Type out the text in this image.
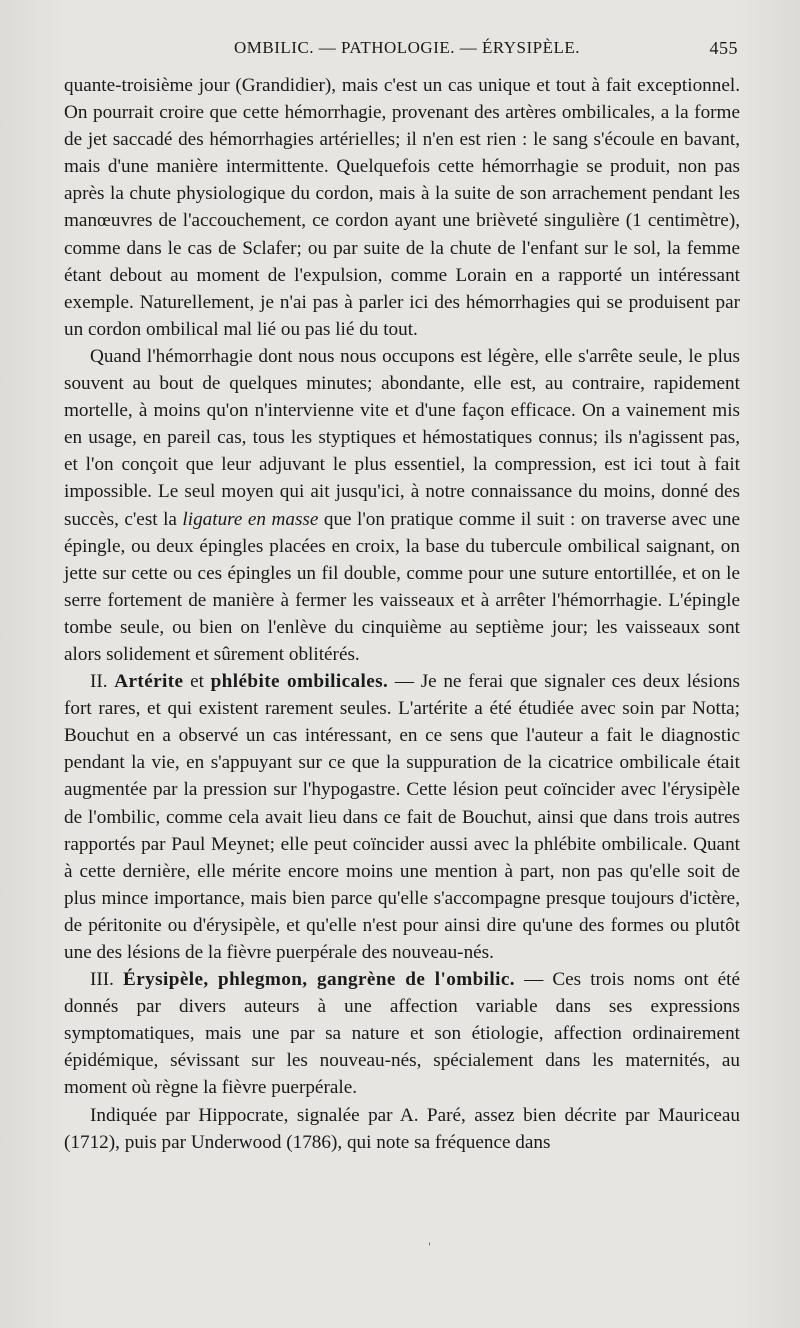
OMBILIC. — PATHOLOGIE. — ÉRYSIPÈLE.	455

quante-troisième jour (Grandidier), mais c'est un cas unique et tout à fait exceptionnel. On pourrait croire que cette hémorrhagie, provenant des artères ombilicales, a la forme de jet saccadé des hémorrhagies artérielles; il n'en est rien : le sang s'écoule en bavant, mais d'une manière intermittente. Quelquefois cette hémorrhagie se produit, non pas après la chute physiologique du cordon, mais à la suite de son arrachement pendant les manœuvres de l'accouchement, ce cordon ayant une brièveté singulière (1 centimètre), comme dans le cas de Sclafer; ou par suite de la chute de l'enfant sur le sol, la femme étant debout au moment de l'expulsion, comme Lorain en a rapporté un intéressant exemple. Naturellement, je n'ai pas à parler ici des hémorrhagies qui se produisent par un cordon ombilical mal lié ou pas lié du tout.

Quand l'hémorrhagie dont nous nous occupons est légère, elle s'arrête seule, le plus souvent au bout de quelques minutes; abondante, elle est, au contraire, rapidement mortelle, à moins qu'on n'intervienne vite et d'une façon efficace. On a vainement mis en usage, en pareil cas, tous les styptiques et hémostatiques connus; ils n'agissent pas, et l'on conçoit que leur adjuvant le plus essentiel, la compression, est ici tout à fait impossible. Le seul moyen qui ait jusqu'ici, à notre connaissance du moins, donné des succès, c'est la ligature en masse que l'on pratique comme il suit : on traverse avec une épingle, ou deux épingles placées en croix, la base du tubercule ombilical saignant, on jette sur cette ou ces épingles un fil double, comme pour une suture entortillée, et on le serre fortement de manière à fermer les vaisseaux et à arrêter l'hémorrhagie. L'épingle tombe seule, ou bien on l'enlève du cinquième au septième jour; les vaisseaux sont alors solidement et sûrement oblitérés.

II. Artérite et phlébite ombilicales. — Je ne ferai que signaler ces deux lésions fort rares, et qui existent rarement seules. L'artérite a été étudiée avec soin par Notta; Bouchut en a observé un cas intéressant, en ce sens que l'auteur a fait le diagnostic pendant la vie, en s'appuyant sur ce que la suppuration de la cicatrice ombilicale était augmentée par la pression sur l'hypogastre. Cette lésion peut coïncider avec l'érysipèle de l'ombilic, comme cela avait lieu dans ce fait de Bouchut, ainsi que dans trois autres rapportés par Paul Meynet; elle peut coïncider aussi avec la phlébite ombilicale. Quant à cette dernière, elle mérite encore moins une mention à part, non pas qu'elle soit de plus mince importance, mais bien parce qu'elle s'accompagne presque toujours d'ictère, de péritonite ou d'érysipèle, et qu'elle n'est pour ainsi dire qu'une des formes ou plutôt une des lésions de la fièvre puerpérale des nouveau-nés.

III. Érysipèle, phlegmon, gangrène de l'ombilic. — Ces trois noms ont été donnés par divers auteurs à une affection variable dans ses expressions symptomatiques, mais une par sa nature et son étiologie, affection ordinairement épidémique, sévissant sur les nouveau-nés, spécialement dans les maternités, au moment où règne la fièvre puerpérale.

Indiquée par Hippocrate, signalée par A. Paré, assez bien décrite par Mauriceau (1712), puis par Underwood (1786), qui note sa fréquence dans

'
